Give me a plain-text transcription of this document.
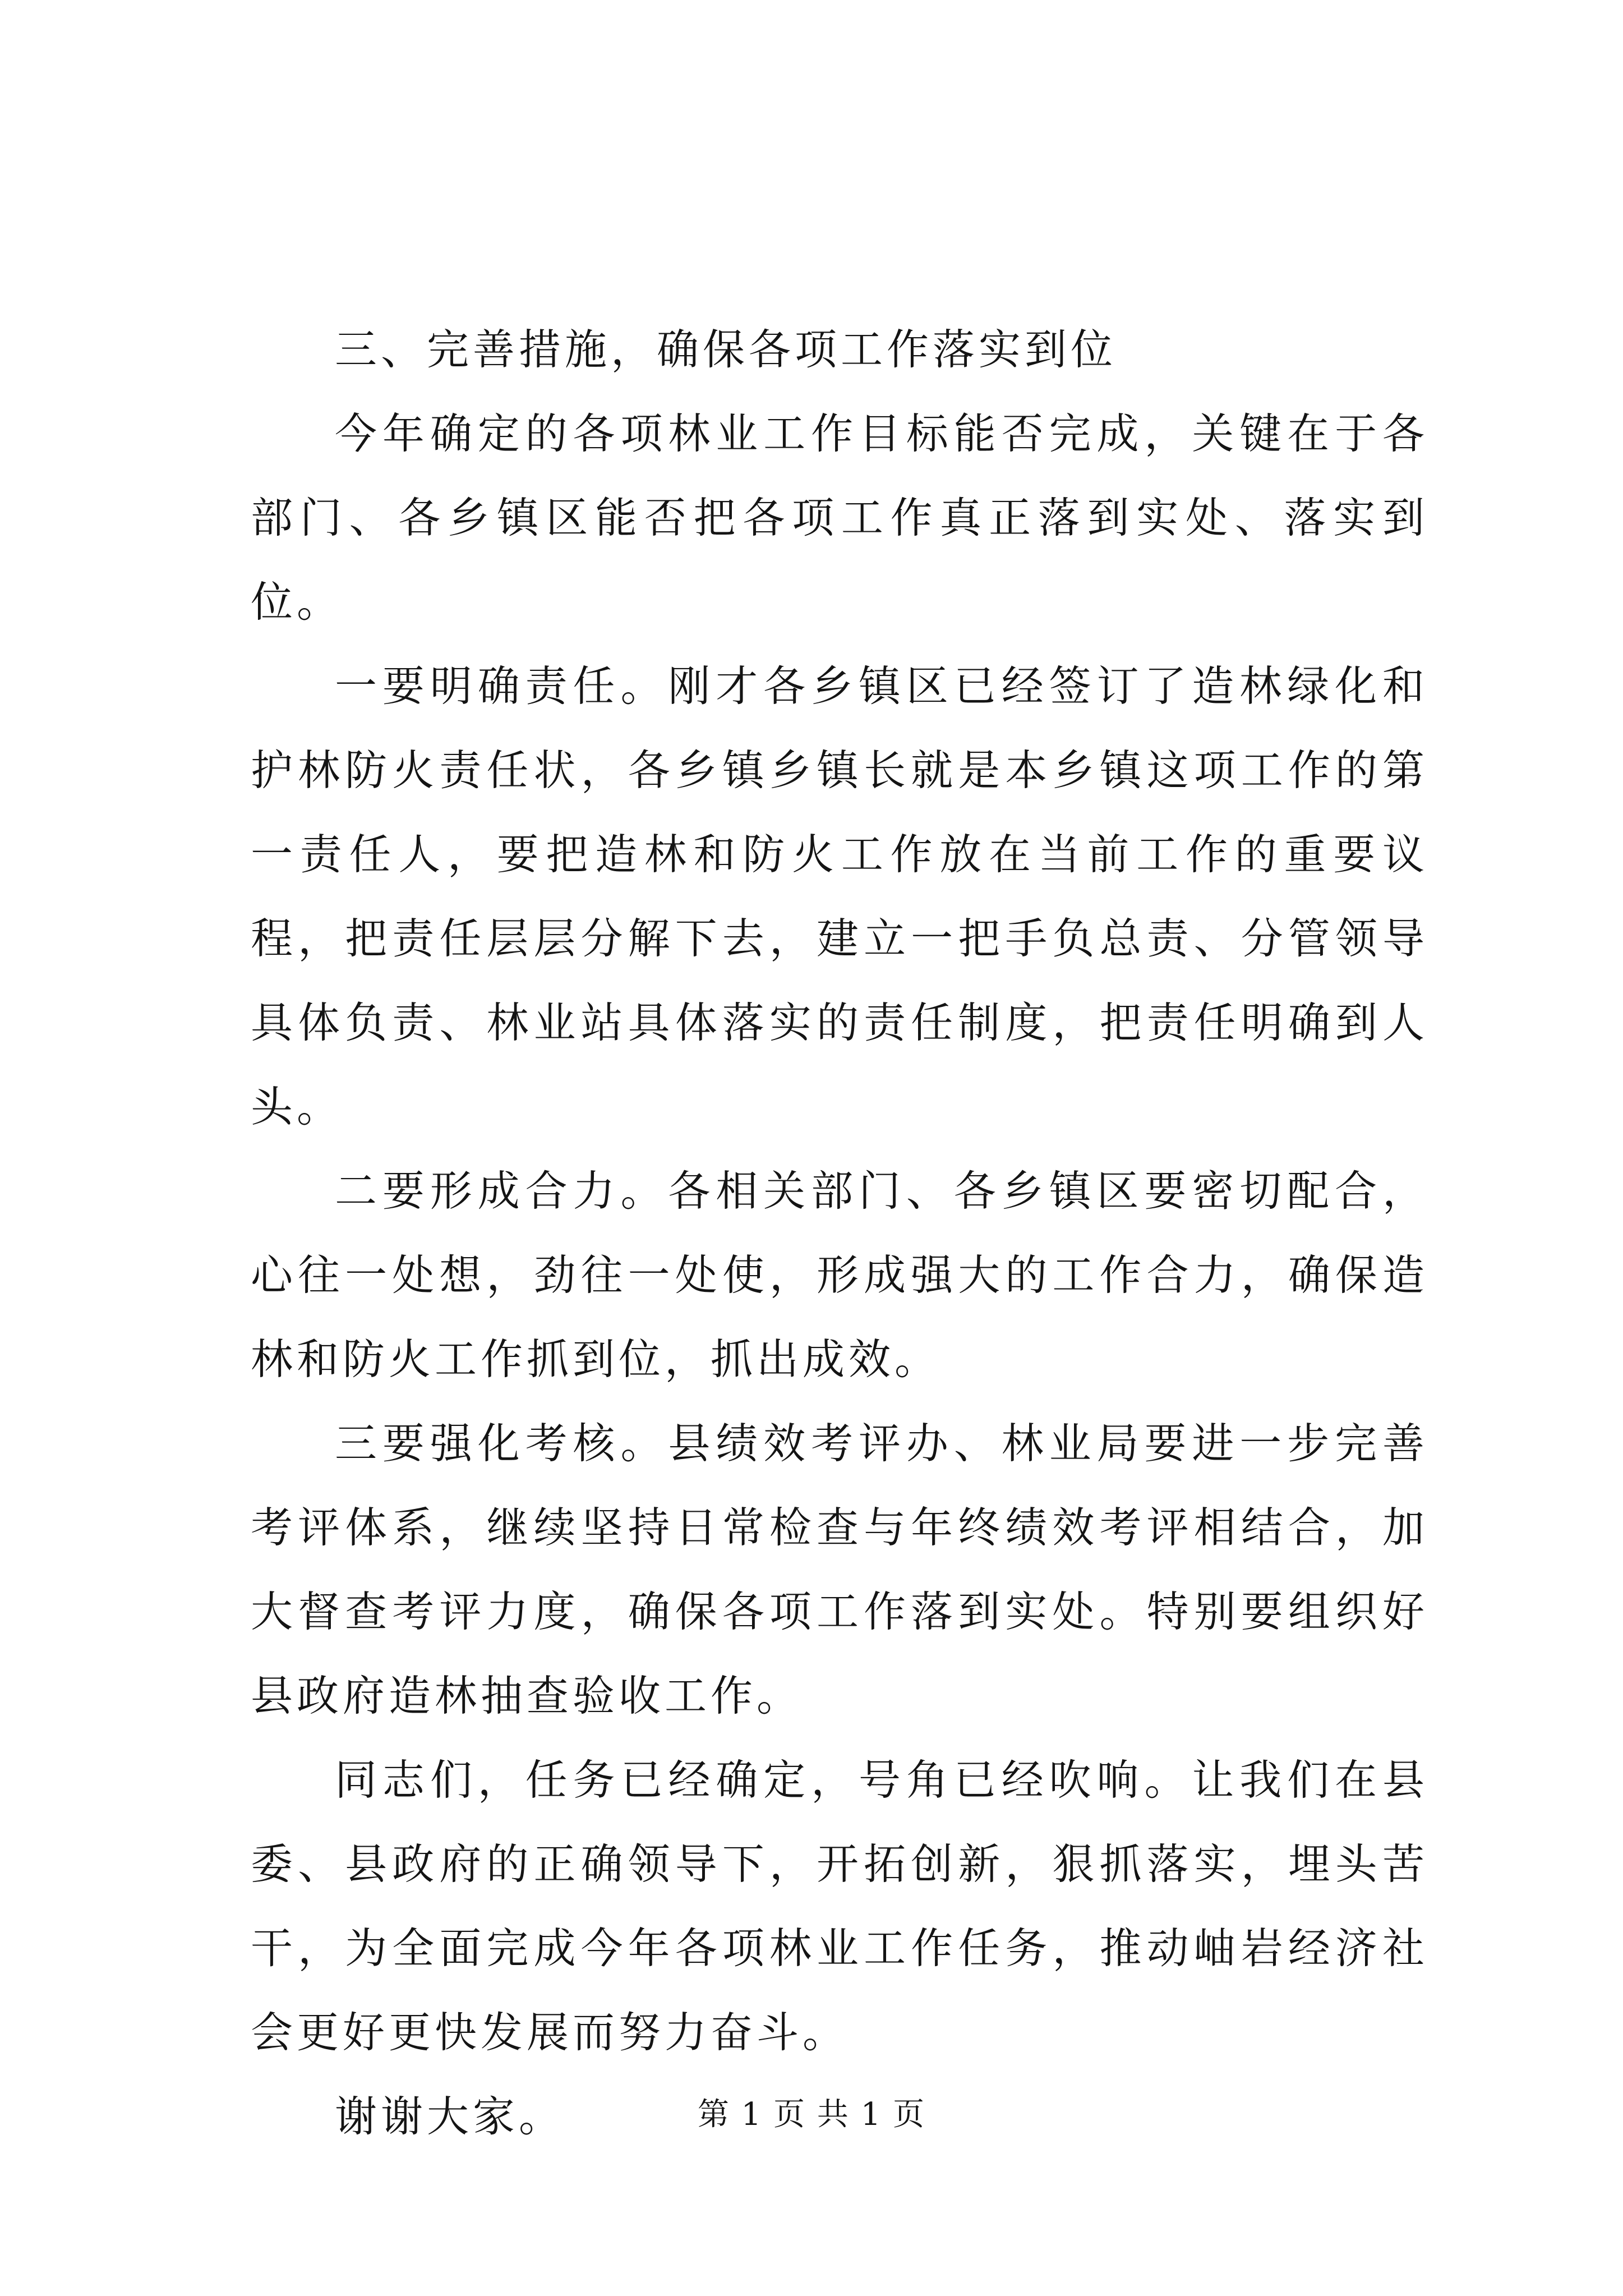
三、完善措施，确保各项工作落实到位

今年确定的各项林业工作目标能否完成，关键在于各部门、各乡镇区能否把各项工作真正落到实处、落实到位。

一要明确责任。刚才各乡镇区已经签订了造林绿化和护林防火责任状，各乡镇乡镇长就是本乡镇这项工作的第一责任人，要把造林和防火工作放在当前工作的重要议程，把责任层层分解下去，建立一把手负总责、分管领导具体负责、林业站具体落实的责任制度，把责任明确到人头。

二要形成合力。各相关部门、各乡镇区要密切配合，心往一处想，劲往一处使，形成强大的工作合力，确保造林和防火工作抓到位，抓出成效。

三要强化考核。县绩效考评办、林业局要进一步完善考评体系，继续坚持日常检查与年终绩效考评相结合，加大督查考评力度，确保各项工作落到实处。特别要组织好县政府造林抽查验收工作。

同志们，任务已经确定，号角已经吹响。让我们在县委、县政府的正确领导下，开拓创新，狠抓落实，埋头苦干，为全面完成今年各项林业工作任务，推动岫岩经济社会更好更快发展而努力奋斗。

谢谢大家。	第 1 页 共 1 页
